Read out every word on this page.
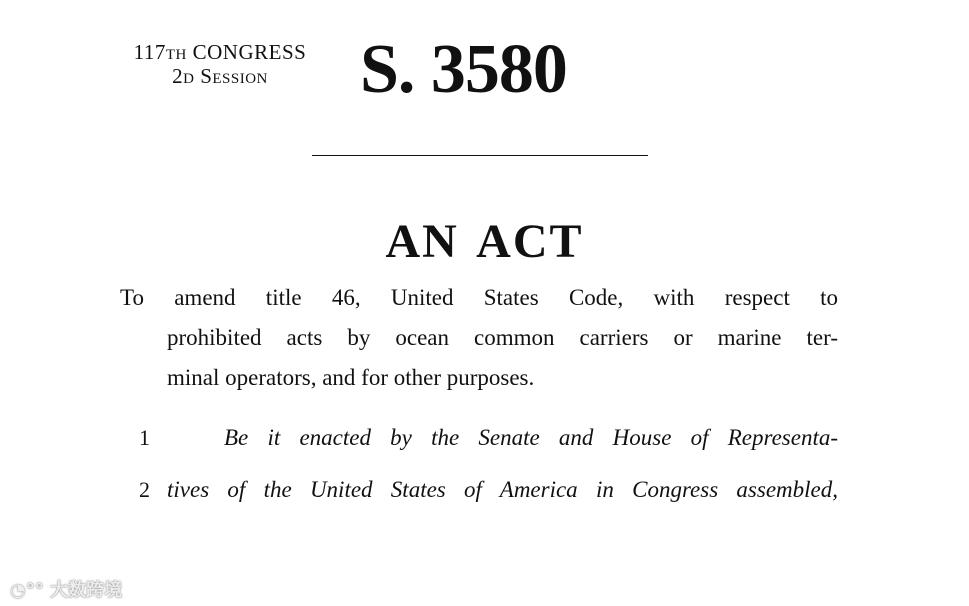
117th CONGRESS
2d Session	S. 3580
AN ACT
To amend title 46, United States Code, with respect to
prohibited acts by ocean common carriers or marine ter-
minal operators, and for other purposes.
1	Be it enacted by the Senate and House of Representa-
2 tives of the United States of America in Congress assembled,
◔°° 大数跨境
